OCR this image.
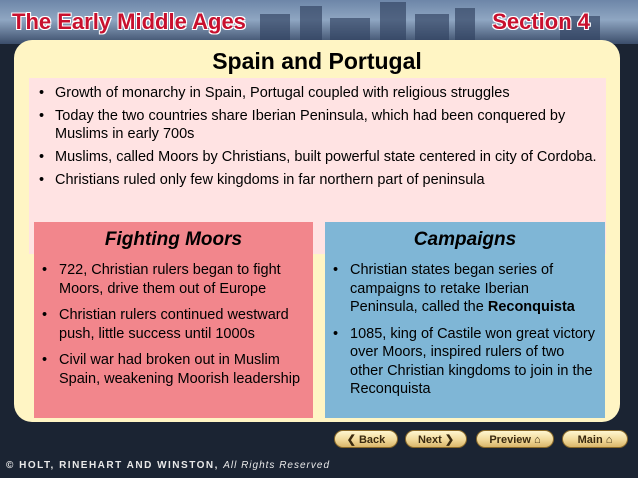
The Early Middle Ages	Section 4
Spain and Portugal
• Growth of monarchy in Spain, Portugal coupled with religious struggles
• Today the two countries share Iberian Peninsula, which had been conquered by Muslims in early 700s
• Muslims, called Moors by Christians, built powerful state centered in city of Cordoba.
• Christians ruled only few kingdoms in far northern part of peninsula
Fighting Moors
• 722, Christian rulers began to fight Moors, drive them out of Europe
• Christian rulers continued westward push, little success until 1000s
• Civil war had broken out in Muslim Spain, weakening Moorish leadership
Campaigns
• Christian states began series of campaigns to retake Iberian Peninsula, called the Reconquista
• 1085, king of Castile won great victory over Moors, inspired rulers of two other Christian kingdoms to join in the Reconquista
❮ Back	Next ❯	Preview ⌂	Main ⌂
© HOLT, RINEHART AND WINSTON, All Rights Reserved
